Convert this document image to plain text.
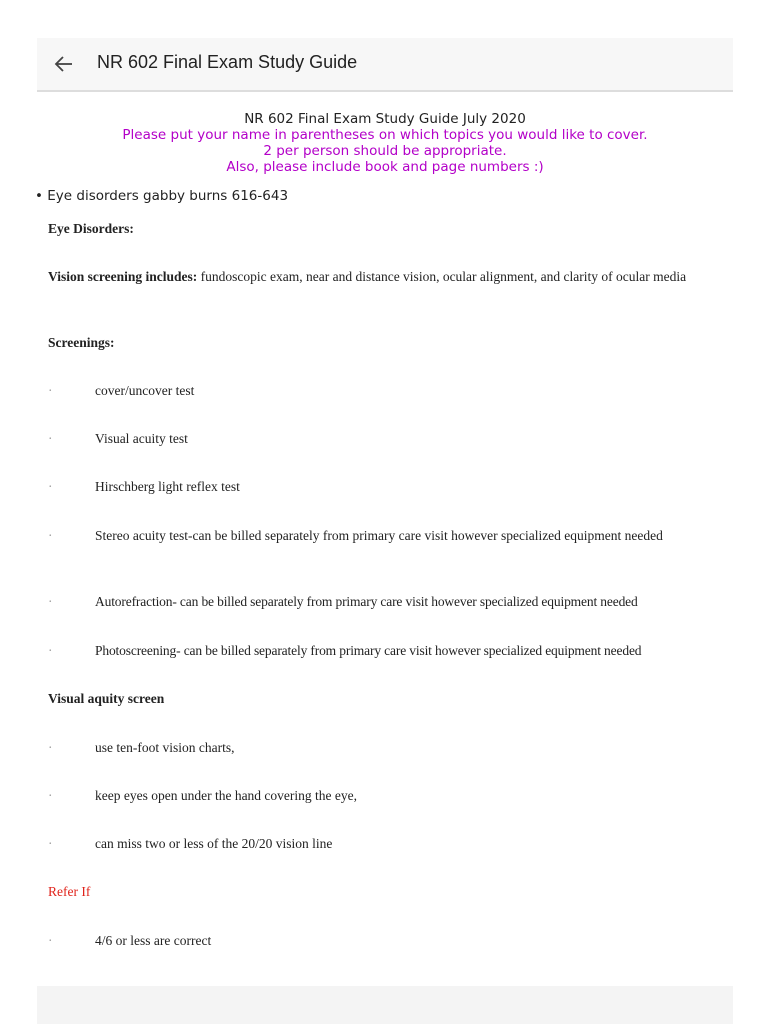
NR 602 Final Exam Study Guide
NR 602 Final Exam Study Guide July 2020
Please put your name in parentheses on which topics you would like to cover.
2 per person should be appropriate.
Also, please include book and page numbers :)
• Eye disorders gabby burns 616-643
Eye Disorders:
Vision screening includes: fundoscopic exam, near and distance vision, ocular alignment, and clarity of ocular media
Screenings:
·	cover/uncover test
·	Visual acuity test
·	Hirschberg light reflex test
·	Stereo acuity test-can be billed separately from primary care visit however specialized equipment needed
·	Autorefraction- can be billed separately from primary care visit however specialized equipment needed
·	Photoscreening- can be billed separately from primary care visit however specialized equipment needed
Visual aquity screen
·	use ten-foot vision charts,
·	keep eyes open under the hand covering the eye,
·	can miss two or less of the 20/20 vision line
Refer If
·	4/6 or less are correct
